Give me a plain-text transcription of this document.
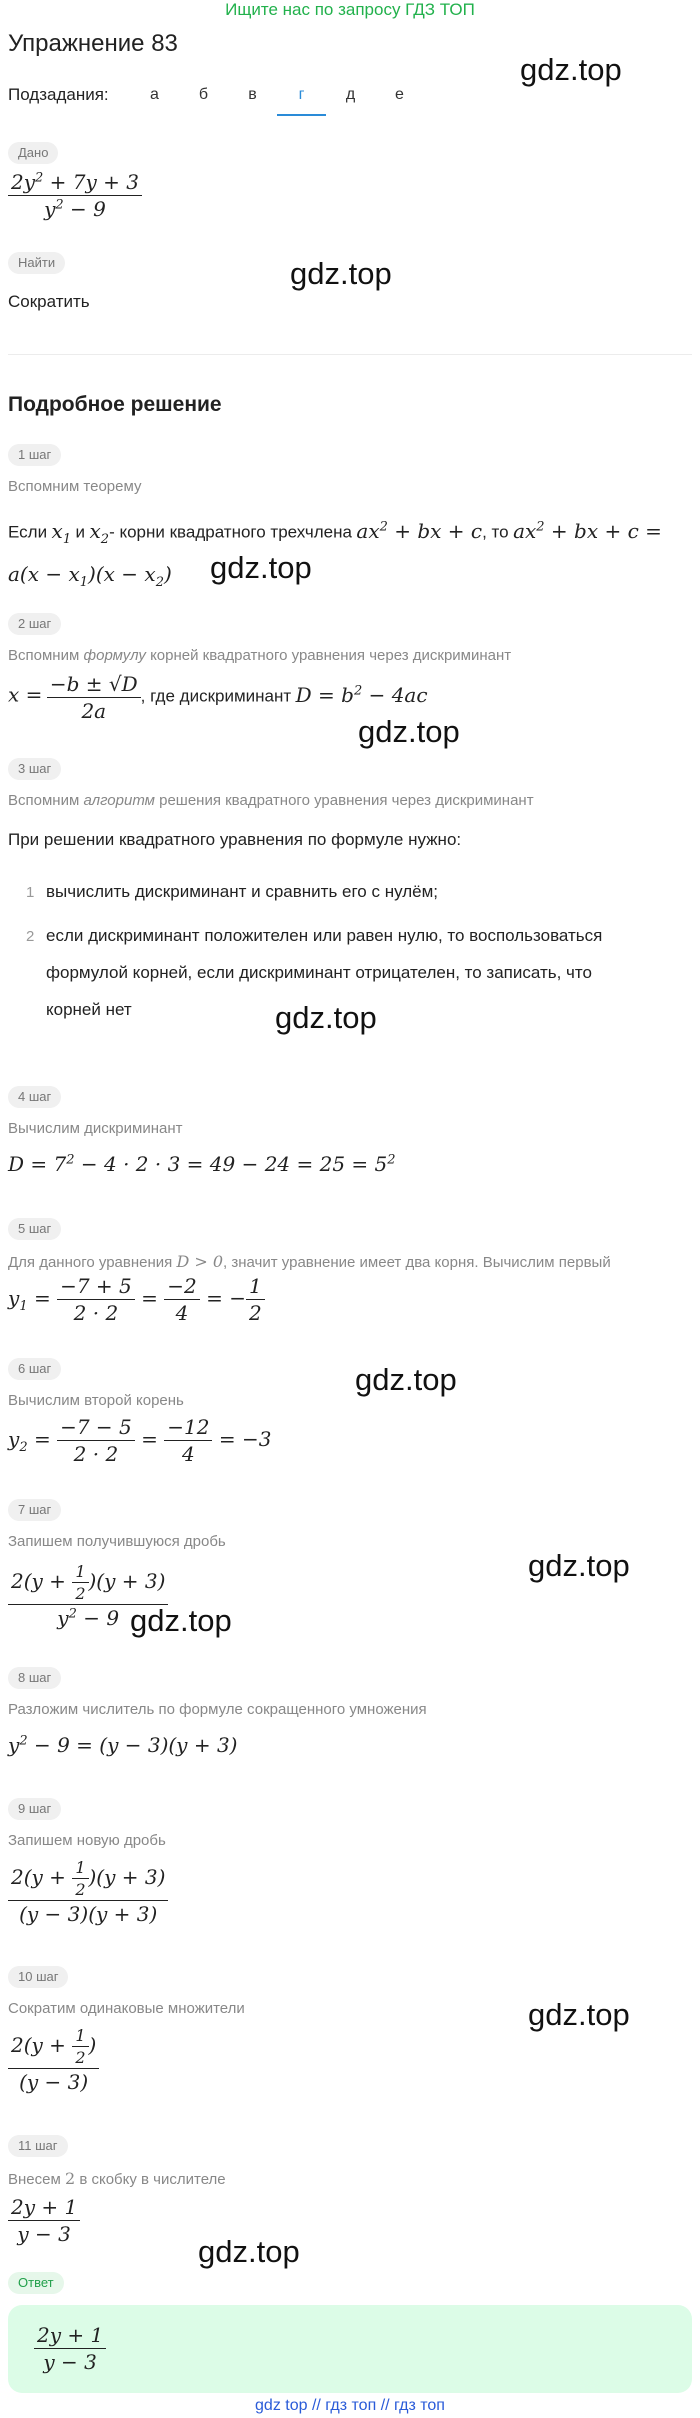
Ищите нас по запросу ГДЗ ТОП
Упражнение 83
gdz.top
gdz.top
gdz.top
gdz.top
gdz.top
gdz.top
gdz.top
gdz.top
gdz.top
gdz.top
Подзадания:	а	б	в	г	д	е
Дано
$\frac{2y^2 + 7y + 3}{y^2 - 9}$
Найти
Сократить
Подробное решение
1 шаг
Вспомним теорему
Если $x_1$ и $x_2-$ корни квадратного трехчлена $ax^2$ + bx + c, то $ax^2$ + bx + c =
$a(x - x_1)(x - x_2)$
2 шаг
Вспомним формулу корней квадратного уравнения через дискриминант
$x = \frac{-b \pm √D}{2a}$ , где дискриминант $D = b^2 - 4ac$
3 шаг
Вспомним алгоритм решения квадратного уравнения через дискриминант
При решении квадратного уравнения по формуле нужно:
1 вычислить дискриминант и сравнить его с нулём;
2 если дискриминант положителен или равен нулю, то воспользоваться
формулой корней, если дискриминант отрицателен, то записать, что
корней нет
4 шаг
Вычислим дискриминант
$D = 7^2 - 4 \cdot 2 \cdot 3 = 49 - 24 = 25 = 5^2$
5 шаг
Для данного уравнения D > 0, значит уравнение имеет два корня. Вычислим первый
$y_1 = \frac{-7 + 5}{2 \cdot 2} = \frac{-2}{4}$ = − $\frac{1}{2}$
6 шаг
Вычислим второй корень
$y_2 = \frac{-7 - 5}{2 \cdot 2} = \frac{-12}{4} = -3$
7 шаг
Запишем получившуюся дробь
$\frac{2(y + \frac{1}{2} )(y + 3)}{y^2 - 9}$
8 шаг
Разложим числитель по формуле сокращенного умножения
$y^2 - 9 = (y - 3)(y + 3)$
9 шаг
Запишем новую дробь
$\frac{2(y + \frac{1}{2} )(y + 3)}{(y - 3)(y + 3)}$
10 шаг
Сократим одинаковые множители
$\frac{2(y + \frac{1}{2} )}{(y - 3)}$
11 шаг
Внесем 2 в скобку в числителе
$\frac{2y + 1}{y - 3}$
Ответ
$\frac{2y + 1}{y - 3}$
gdz top // гдз топ // гдз топ
